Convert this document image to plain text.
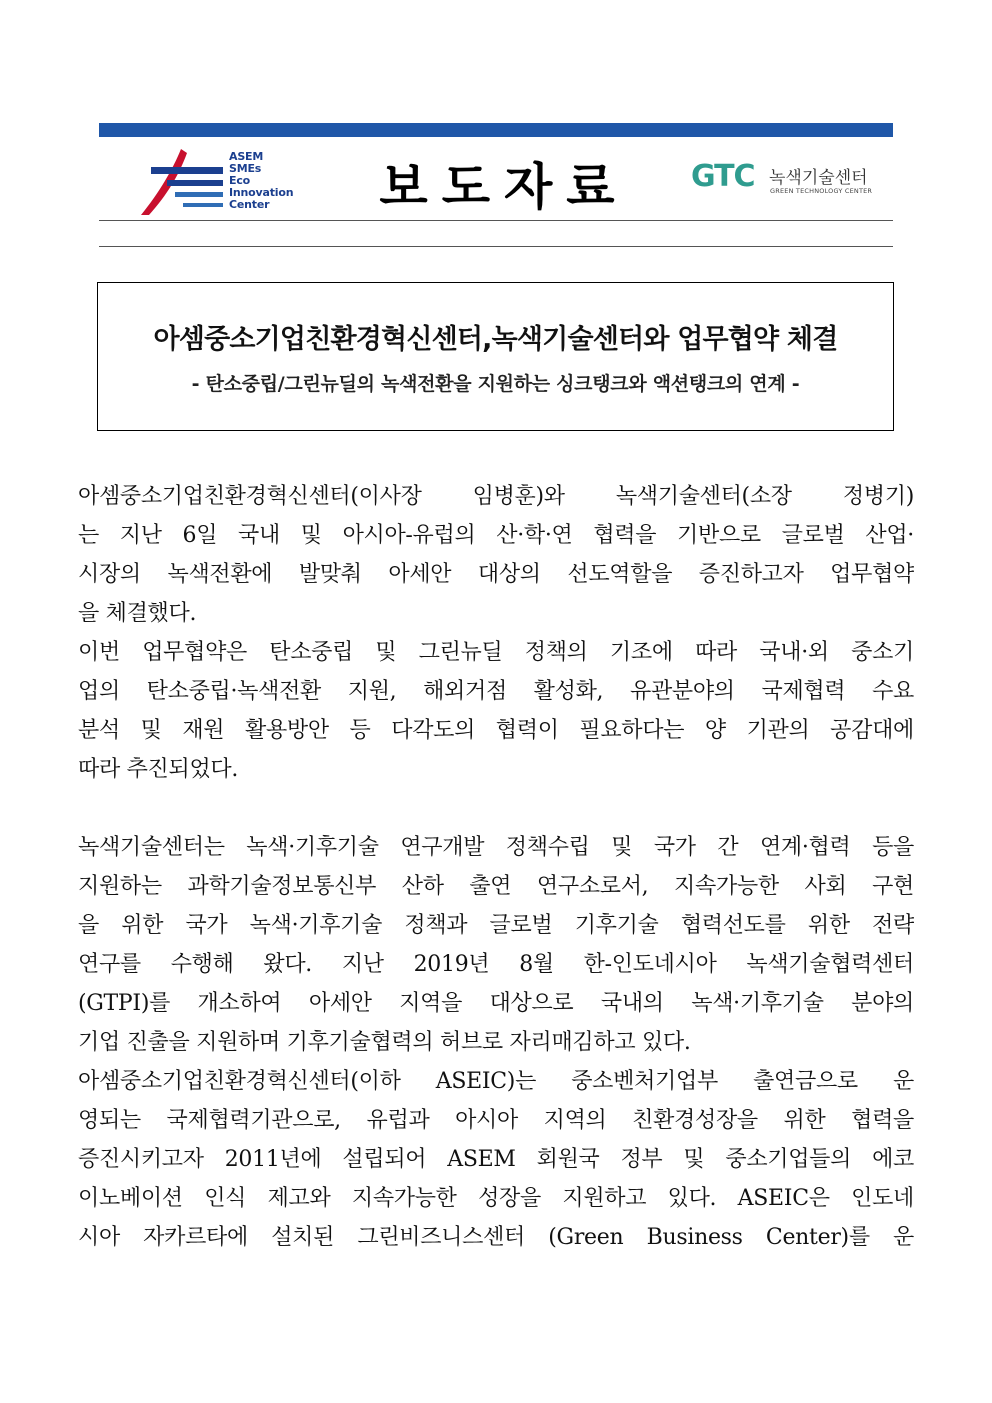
ASEM
SMEs
Eco
Innovation
Center	보도자료 GTC 녹색기술센터
GREEN TECHNOLOGY CENTER
아셈중소기업친환경혁신센터,녹색기술센터와 업무협약 체결
- 탄소중립/그린뉴딜의 녹색전환을 지원하는 싱크탱크와 액션탱크의 연계 -

아셈중소기업친환경혁신센터(이사장 임병훈)와 녹색기술센터(소장 정병기)

는 지난 6일 국내 및 아시아-유럽의 산·학·연 협력을 기반으로 글로벌 산업·

시장의 녹색전환에 발맞춰 아세안 대상의 선도역할을 증진하고자 업무협약

을 체결했다.

이번 업무협약은 탄소중립 및 그린뉴딜 정책의 기조에 따라 국내·외 중소기

업의 탄소중립·녹색전환 지원, 해외거점 활성화, 유관분야의 국제협력 수요

분석 및 재원 활용방안 등 다각도의 협력이 필요하다는 양 기관의 공감대에

따라 추진되었다.

녹색기술센터는 녹색·기후기술 연구개발 정책수립 및 국가 간 연계·협력 등을

지원하는 과학기술정보통신부 산하 출연 연구소로서, 지속가능한 사회 구현

을 위한 국가 녹색·기후기술 정책과 글로벌 기후기술 협력선도를 위한 전략

연구를 수행해 왔다. 지난 2019년 8월 한-인도네시아 녹색기술협력센터

(GTPI)를 개소하여 아세안 지역을 대상으로 국내의 녹색·기후기술 분야의

기업 진출을 지원하며 기후기술협력의 허브로 자리매김하고 있다.

아셈중소기업친환경혁신센터(이하 ASEIC)는 중소벤처기업부 출연금으로 운

영되는 국제협력기관으로, 유럽과 아시아 지역의 친환경성장을 위한 협력을

증진시키고자 2011년에 설립되어 ASEM 회원국 정부 및 중소기업들의 에코

이노베이션 인식 제고와 지속가능한 성장을 지원하고 있다. ASEIC은 인도네

시아 자카르타에 설치된 그린비즈니스센터 (Green Business Center)를 운
